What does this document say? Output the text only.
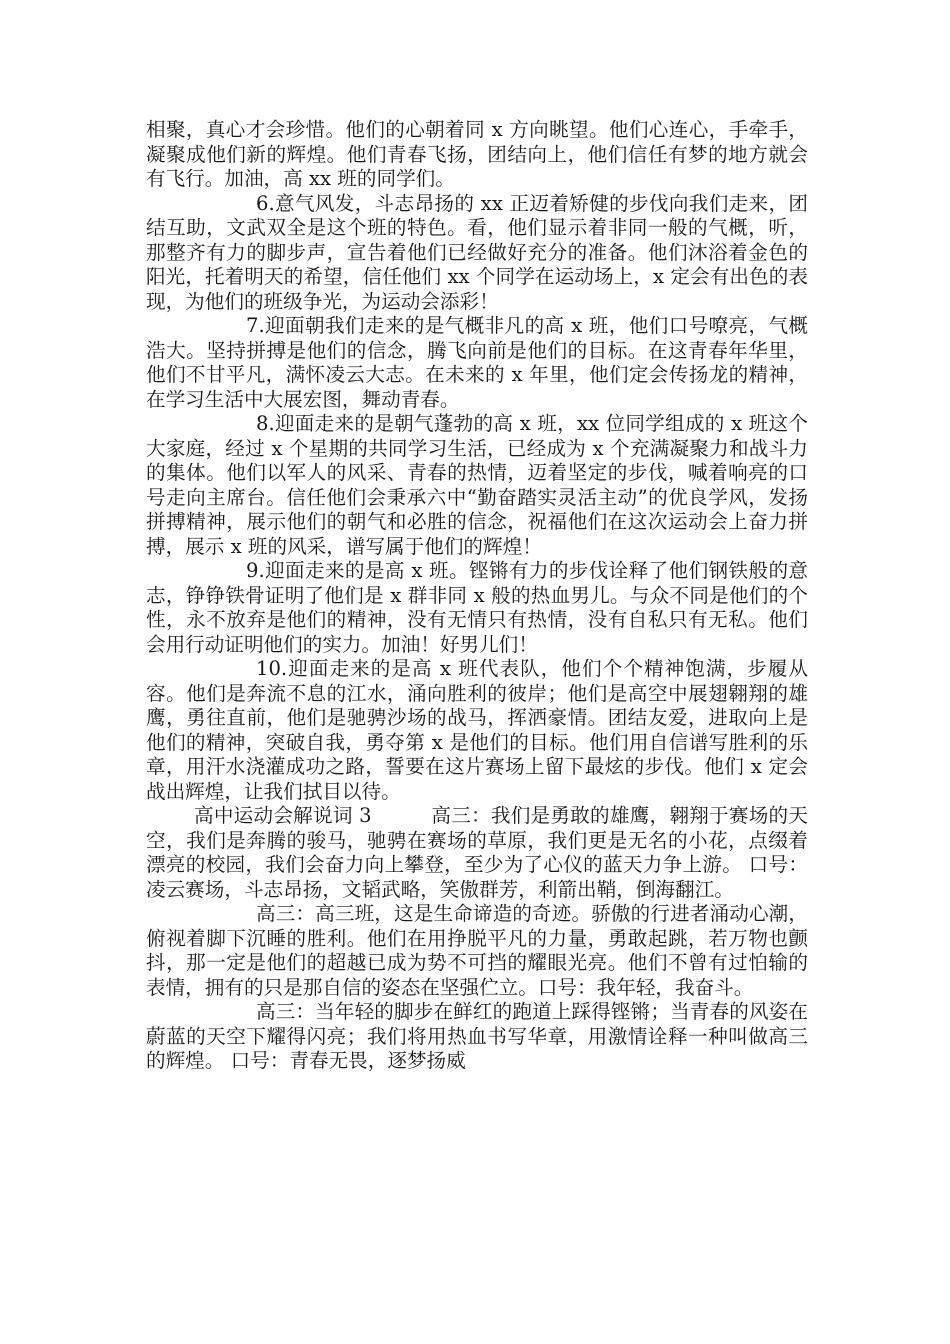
相聚，真心才会珍惜。他们的心朝着同 x 方向眺望。他们心连心，手牵手，凝聚成他们新的辉煌。他们青春飞扬，团结向上，他们信任有梦的地方就会有飞行。加油，高 xx 班的同学们。

6.意气风发，斗志昂扬的 xx 正迈着矫健的步伐向我们走来，团结互助，文武双全是这个班的特色。看，他们显示着非同一般的气概，听，那整齐有力的脚步声，宣告着他们已经做好充分的准备。他们沐浴着金色的阳光，托着明天的希望，信任他们 xx 个同学在运动场上，x 定会有出色的表现，为他们的班级争光，为运动会添彩！

7.迎面朝我们走来的是气概非凡的高 x 班，他们口号嘹亮，气概浩大。坚持拼搏是他们的信念，腾飞向前是他们的目标。在这青春年华里，他们不甘平凡，满怀凌云大志。在未来的 x 年里，他们定会传扬龙的精神，在学习生活中大展宏图，舞动青春。

8.迎面走来的是朝气蓬勃的高 x 班，xx 位同学组成的 x 班这个大家庭，经过 x 个星期的共同学习生活，已经成为 x 个充满凝聚力和战斗力的集体。他们以军人的风采、青春的热情，迈着坚定的步伐，喊着响亮的口号走向主席台。信任他们会秉承六中“勤奋踏实灵活主动”的优良学风，发扬拼搏精神，展示他们的朝气和必胜的信念，祝福他们在这次运动会上奋力拼搏，展示 x 班的风采，谱写属于他们的辉煌！

9.迎面走来的是高 x 班。铿锵有力的步伐诠释了他们钢铁般的意志，铮铮铁骨证明了他们是 x 群非同 x 般的热血男儿。与众不同是他们的个性，永不放弃是他们的精神，没有无情只有热情，没有自私只有无私。他们会用行动证明他们的实力。加油！好男儿们！

10.迎面走来的是高 x 班代表队，他们个个精神饱满，步履从容。他们是奔流不息的江水，涌向胜利的彼岸；他们是高空中展翅翱翔的雄鹰，勇往直前，他们是驰骋沙场的战马，挥洒豪情。团结友爱，进取向上是他们的精神，突破自我，勇夺第 x 是他们的目标。他们用自信谱写胜利的乐章，用汗水浇灌成功之路，誓要在这片赛场上留下最炫的步伐。他们 x 定会战出辉煌，让我们拭目以待。

高中运动会解说词 3　　　高三：我们是勇敢的雄鹰，翱翔于赛场的天空，我们是奔腾的骏马，驰骋在赛场的草原，我们更是无名的小花，点缀着漂亮的校园，我们会奋力向上攀登，至少为了心仪的蓝天力争上游。 口号：凌云赛场，斗志昂扬，文韬武略，笑傲群芳，利箭出鞘，倒海翻江。

高三：高三班，这是生命谛造的奇迹。骄傲的行进者涌动心潮，俯视着脚下沉睡的胜利。他们在用挣脱平凡的力量，勇敢起跳，若万物也颤抖，那一定是他们的超越已成为势不可挡的耀眼光亮。他们不曾有过怕输的表情，拥有的只是那自信的姿态在坚强伫立。口号：我年轻，我奋斗。

高三：当年轻的脚步在鲜红的跑道上踩得铿锵；当青春的风姿在蔚蓝的天空下耀得闪亮；我们将用热血书写华章，用激情诠释一种叫做高三的辉煌。 口号：青春无畏，逐梦扬威
